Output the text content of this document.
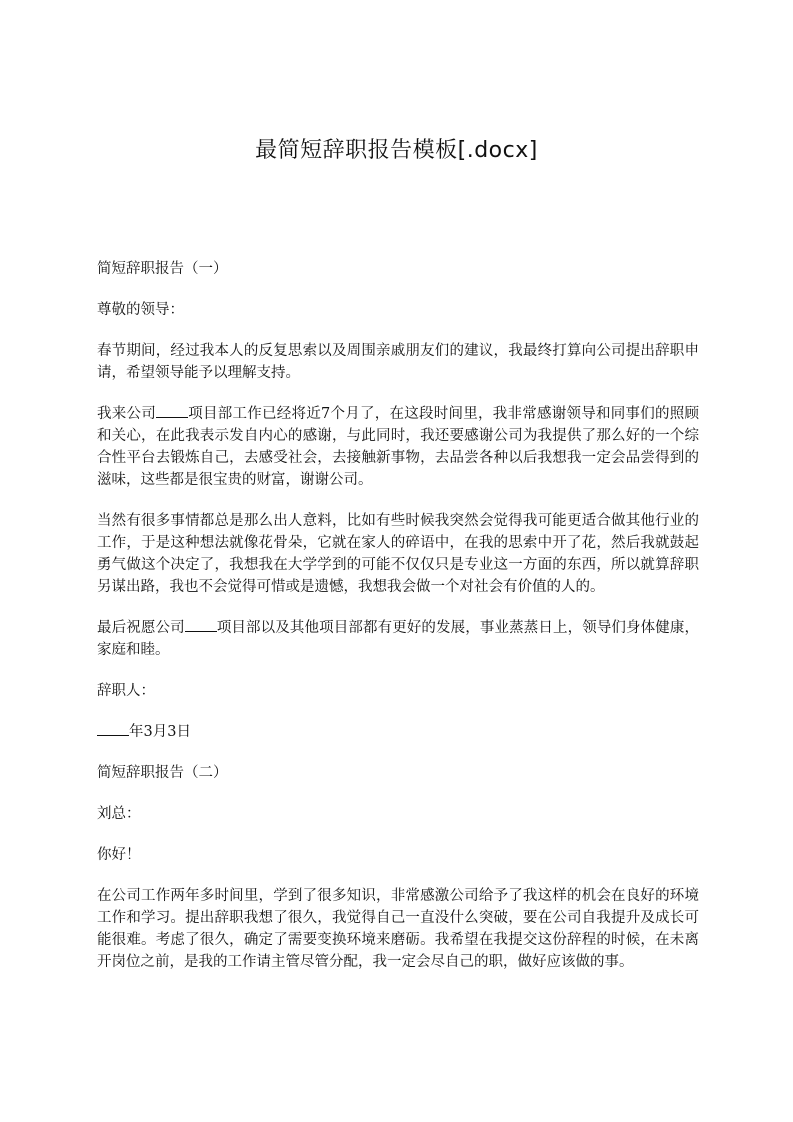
最简短辞职报告模板[.docx]

简短辞职报告（一）

尊敬的领导：

春节期间，经过我本人的反复思索以及周围亲戚朋友们的建议，我最终打算向公司提出辞职申请，希望领导能予以理解支持。

我来公司 项目部工作已经将近7个月了，在这段时间里，我非常感谢领导和同事们的照顾和关心，在此我表示发自内心的感谢，与此同时，我还要感谢公司为我提供了那么好的一个综合性平台去锻炼自己，去感受社会，去接触新事物，去品尝各种以后我想我一定会品尝得到的滋味，这些都是很宝贵的财富，谢谢公司。

当然有很多事情都总是那么出人意料，比如有些时候我突然会觉得我可能更适合做其他行业的工作，于是这种想法就像花骨朵，它就在家人的碎语中，在我的思索中开了花，然后我就鼓起勇气做这个决定了，我想我在大学学到的可能不仅仅只是专业这一方面的东西，所以就算辞职另谋出路，我也不会觉得可惜或是遗憾，我想我会做一个对社会有价值的人的。

最后祝愿公司 项目部以及其他项目部都有更好的发展，事业蒸蒸日上，领导们身体健康，家庭和睦。

辞职人：

年3月3日

简短辞职报告（二）

刘总：

你好！

在公司工作两年多时间里，学到了很多知识，非常感激公司给予了我这样的机会在良好的环境工作和学习。提出辞职我想了很久，我觉得自己一直没什么突破，要在公司自我提升及成长可能很难。考虑了很久，确定了需要变换环境来磨砺。我希望在我提交这份辞程的时候，在未离开岗位之前，是我的工作请主管尽管分配，我一定会尽自己的职，做好应该做的事。
